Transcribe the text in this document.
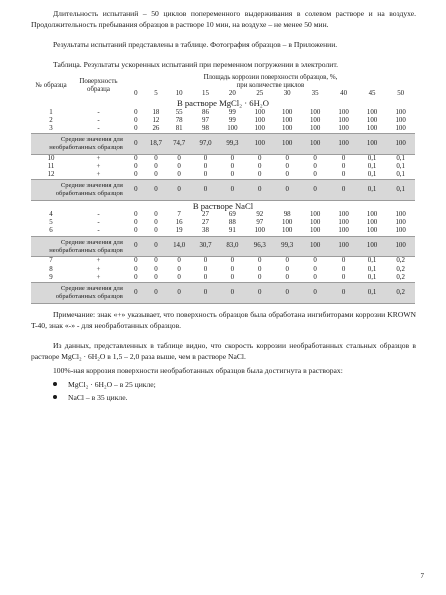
Длительность испытаний – 50 циклов попеременного выдерживания в солевом растворе и на воздухе. Продолжительность пребывания образцов в растворе 10 мин, на воздухе – не менее 50 мин.

Результаты испытаний представлены в таблице. Фотография образцов – в Приложении.

Таблица. Результаты ускоренных испытаний при переменном погружении в электролит.

№ образца	Поверхность образца	Площадь коррозии поверхности образцов, %,										
		при количестве циклов										
		0	5	10	15	20	25	30	35	40	45	50
В растворе MgCl₂ · 6H₂O												
1	-	0	18	55	86	99	100	100	100	100	100	100
2	-	0	12	78	97	99	100	100	100	100	100	100
3	-	0	26	81	98	100	100	100	100	100	100	100
Средние значения для необработанных образцов		0	18,7	74,7	97,0	99,3	100	100	100	100	100	100
10	+	0	0	0	0	0	0	0	0	0	0,1	0,1
11	+	0	0	0	0	0	0	0	0	0	0,1	0,1
12	+	0	0	0	0	0	0	0	0	0	0,1	0,1
Средние значения для обработанных образцов		0	0	0	0	0	0	0	0	0	0,1	0,1
В растворе NaCl												
4	-	0	0	7	27	69	92	98	100	100	100	100
5	-	0	0	16	27	88	97	100	100	100	100	100
6	-	0	0	19	38	91	100	100	100	100	100	100
Средние значения для необработанных образцов		0	0	14,0	30,7	83,0	96,3	99,3	100	100	100	100
7	+	0	0	0	0	0	0	0	0	0	0,1	0,2
8	+	0	0	0	0	0	0	0	0	0	0,1	0,2
9	+	0	0	0	0	0	0	0	0	0	0,1	0,2
Средние значения для обработанных образцов		0	0	0	0	0	0	0	0	0	0,1	0,2

Примечание: знак «+» указывает, что поверхность образцов была обработана ингибиторами коррозии KROWN T-40, знак «-» - для необработанных образцов.

Из данных, представленных в таблице видно, что скорость коррозии необработанных стальных образцов в растворе MgCl₂ · 6H₂O в 1,5 – 2,0 раза выше, чем в растворе NaCl.

100%-ная коррозия поверхности необработанных образцов была достигнута в растворах:

MgCl₂ · 6H₂O – в 25 цикле;
NaCl – в 35 цикле.
7
